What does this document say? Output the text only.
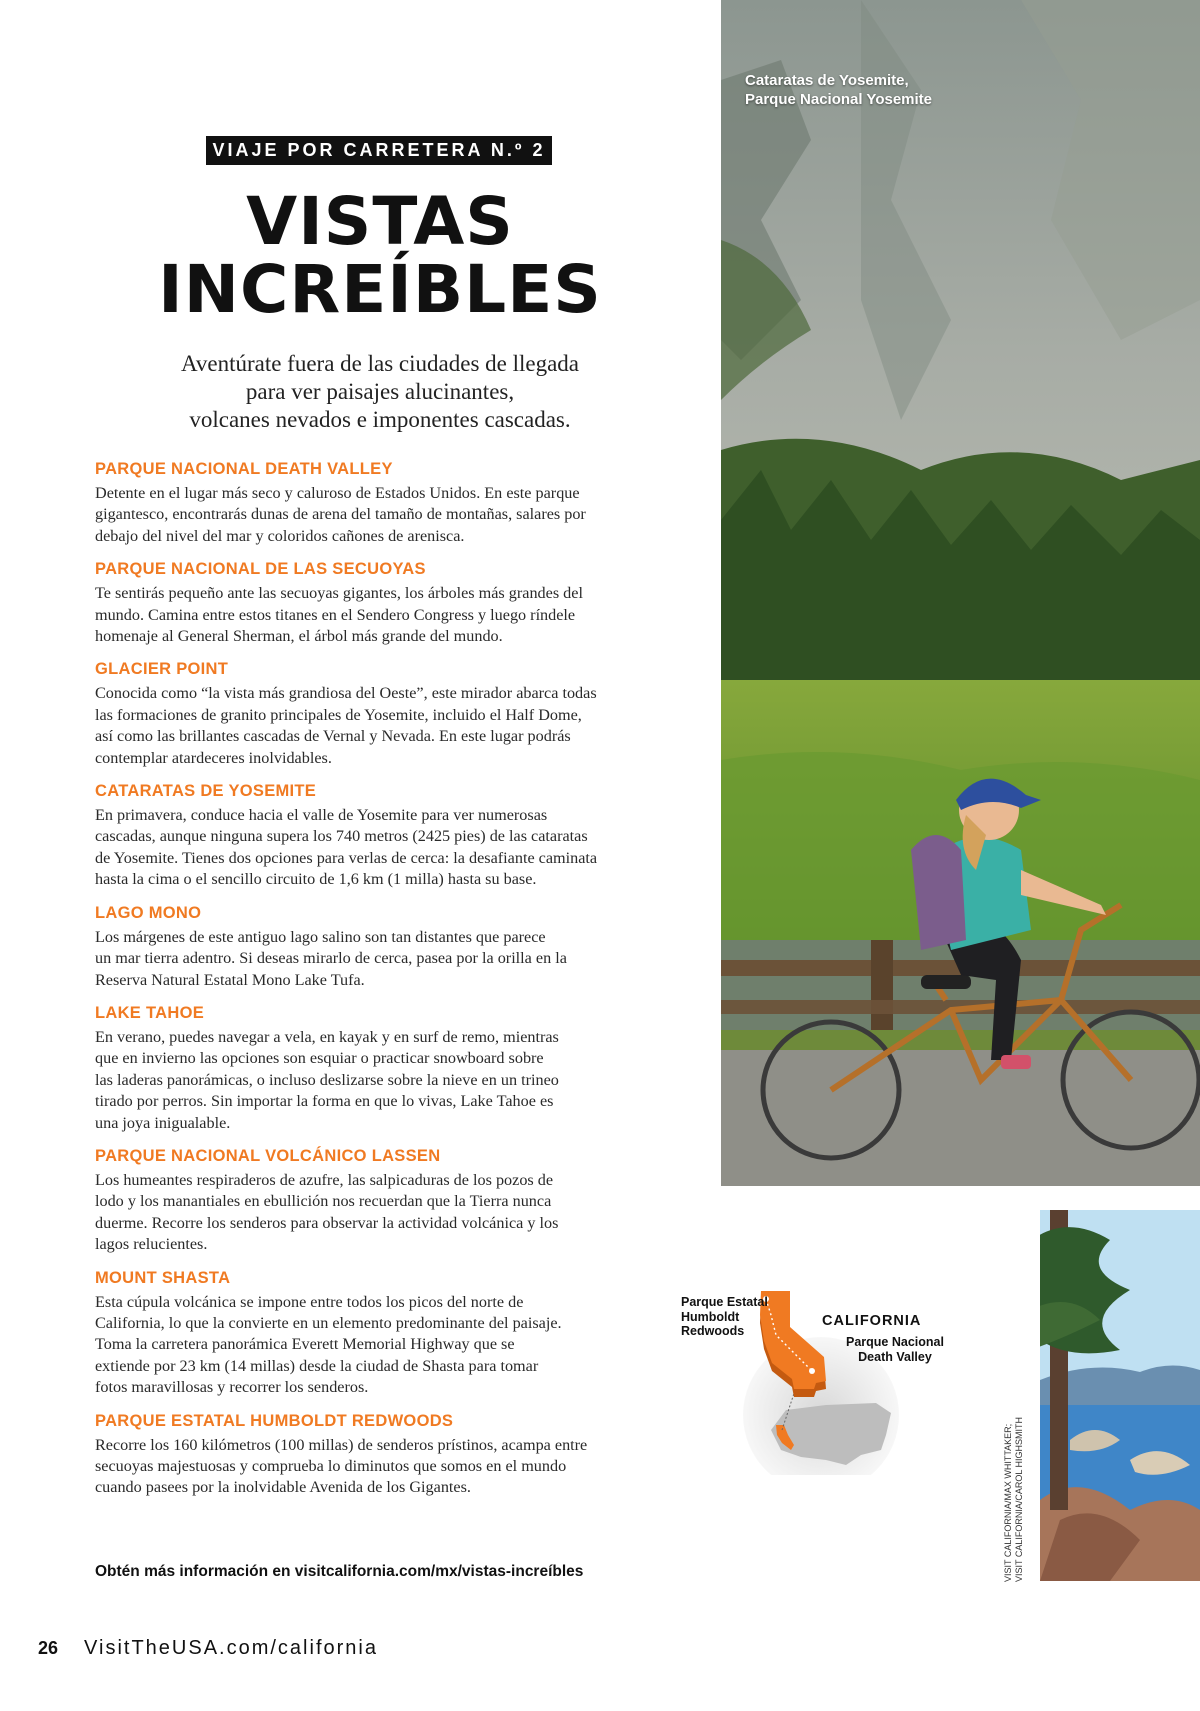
VIAJE POR CARRETERA N.º 2
VISTAS
INCREÍBLES

Aventúrate fuera de las ciudades de llegada
para ver paisajes alucinantes,
volcanes nevados e imponentes cascadas.

PARQUE NACIONAL DEATH VALLEY

Detente en el lugar más seco y caluroso de Estados Unidos. En este parque
gigantesco, encontrarás dunas de arena del tamaño de montañas, salares por
debajo del nivel del mar y coloridos cañones de arenisca.

PARQUE NACIONAL DE LAS SECUOYAS

Te sentirás pequeño ante las secuoyas gigantes, los árboles más grandes del
mundo. Camina entre estos titanes en el Sendero Congress y luego ríndele
homenaje al General Sherman, el árbol más grande del mundo.

GLACIER POINT

Conocida como “la vista más grandiosa del Oeste”, este mirador abarca todas
las formaciones de granito principales de Yosemite, incluido el Half Dome,
así como las brillantes cascadas de Vernal y Nevada. En este lugar podrás
contemplar atardeceres inolvidables.

CATARATAS DE YOSEMITE

En primavera, conduce hacia el valle de Yosemite para ver numerosas
cascadas, aunque ninguna supera los 740 metros (2425 pies) de las cataratas
de Yosemite. Tienes dos opciones para verlas de cerca: la desafiante caminata
hasta la cima o el sencillo circuito de 1,6 km (1 milla) hasta su base.

LAGO MONO

Los márgenes de este antiguo lago salino son tan distantes que parece
un mar tierra adentro. Si deseas mirarlo de cerca, pasea por la orilla en la
Reserva Natural Estatal Mono Lake Tufa.

LAKE TAHOE

En verano, puedes navegar a vela, en kayak y en surf de remo, mientras
que en invierno las opciones son esquiar o practicar snowboard sobre
las laderas panorámicas, o incluso deslizarse sobre la nieve en un trineo
tirado por perros. Sin importar la forma en que lo vivas, Lake Tahoe es
una joya inigualable.

PARQUE NACIONAL VOLCÁNICO LASSEN

Los humeantes respiraderos de azufre, las salpicaduras de los pozos de
lodo y los manantiales en ebullición nos recuerdan que la Tierra nunca
duerme. Recorre los senderos para observar la actividad volcánica y los
lagos relucientes.

MOUNT SHASTA

Esta cúpula volcánica se impone entre todos los picos del norte de
California, lo que la convierte en un elemento predominante del paisaje.
Toma la carretera panorámica Everett Memorial Highway que se
extiende por 23 km (14 millas) desde la ciudad de Shasta para tomar
fotos maravillosas y recorrer los senderos.

PARQUE ESTATAL HUMBOLDT REDWOODS

Recorre los 160 kilómetros (100 millas) de senderos prístinos, acampa entre
secuoyas majestuosas y comprueba lo diminutos que somos en el mundo
cuando pasees por la inolvidable Avenida de los Gigantes.

Obtén más información en visitcalifornia.com/mx/vistas-increíbles
26 VisitTheUSA.com/california
Cataratas de Yosemite,
Parque Nacional Yosemite
Parque Estatal
Humboldt
Redwoods
CALIFORNIA
Parque Nacional
Death Valley
VISIT CALIFORNIA/MAX WHITTAKER; VISIT CALIFORNIA/CAROL HIGHSMITH
